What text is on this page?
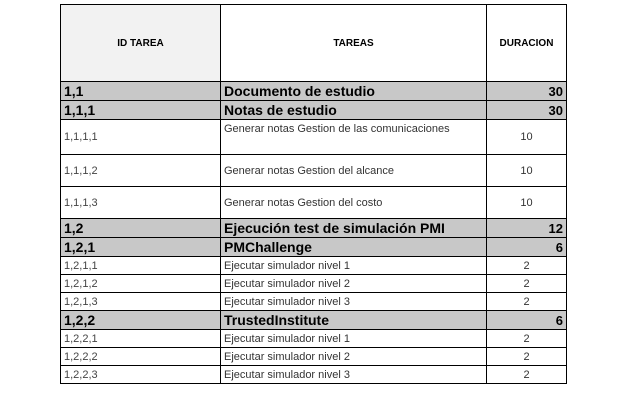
ID TAREA	TAREAS	DURACION
1,1	Documento de estudio	30
1,1,1	Notas de estudio	30
1,1,1,1	Generar notas Gestion de las comunicaciones	10
1,1,1,2	Generar notas Gestion del alcance	10
1,1,1,3	Generar notas Gestion del costo	10
1,2	Ejecución test de simulación PMI	12
1,2,1	PMChallenge	6
1,2,1,1	Ejecutar simulador nivel 1	2
1,2,1,2	Ejecutar simulador nivel 2	2
1,2,1,3	Ejecutar simulador nivel 3	2
1,2,2	TrustedInstitute	6
1,2,2,1	Ejecutar simulador nivel 1	2
1,2,2,2	Ejecutar simulador nivel 2	2
1,2,2,3	Ejecutar simulador nivel 3	2
